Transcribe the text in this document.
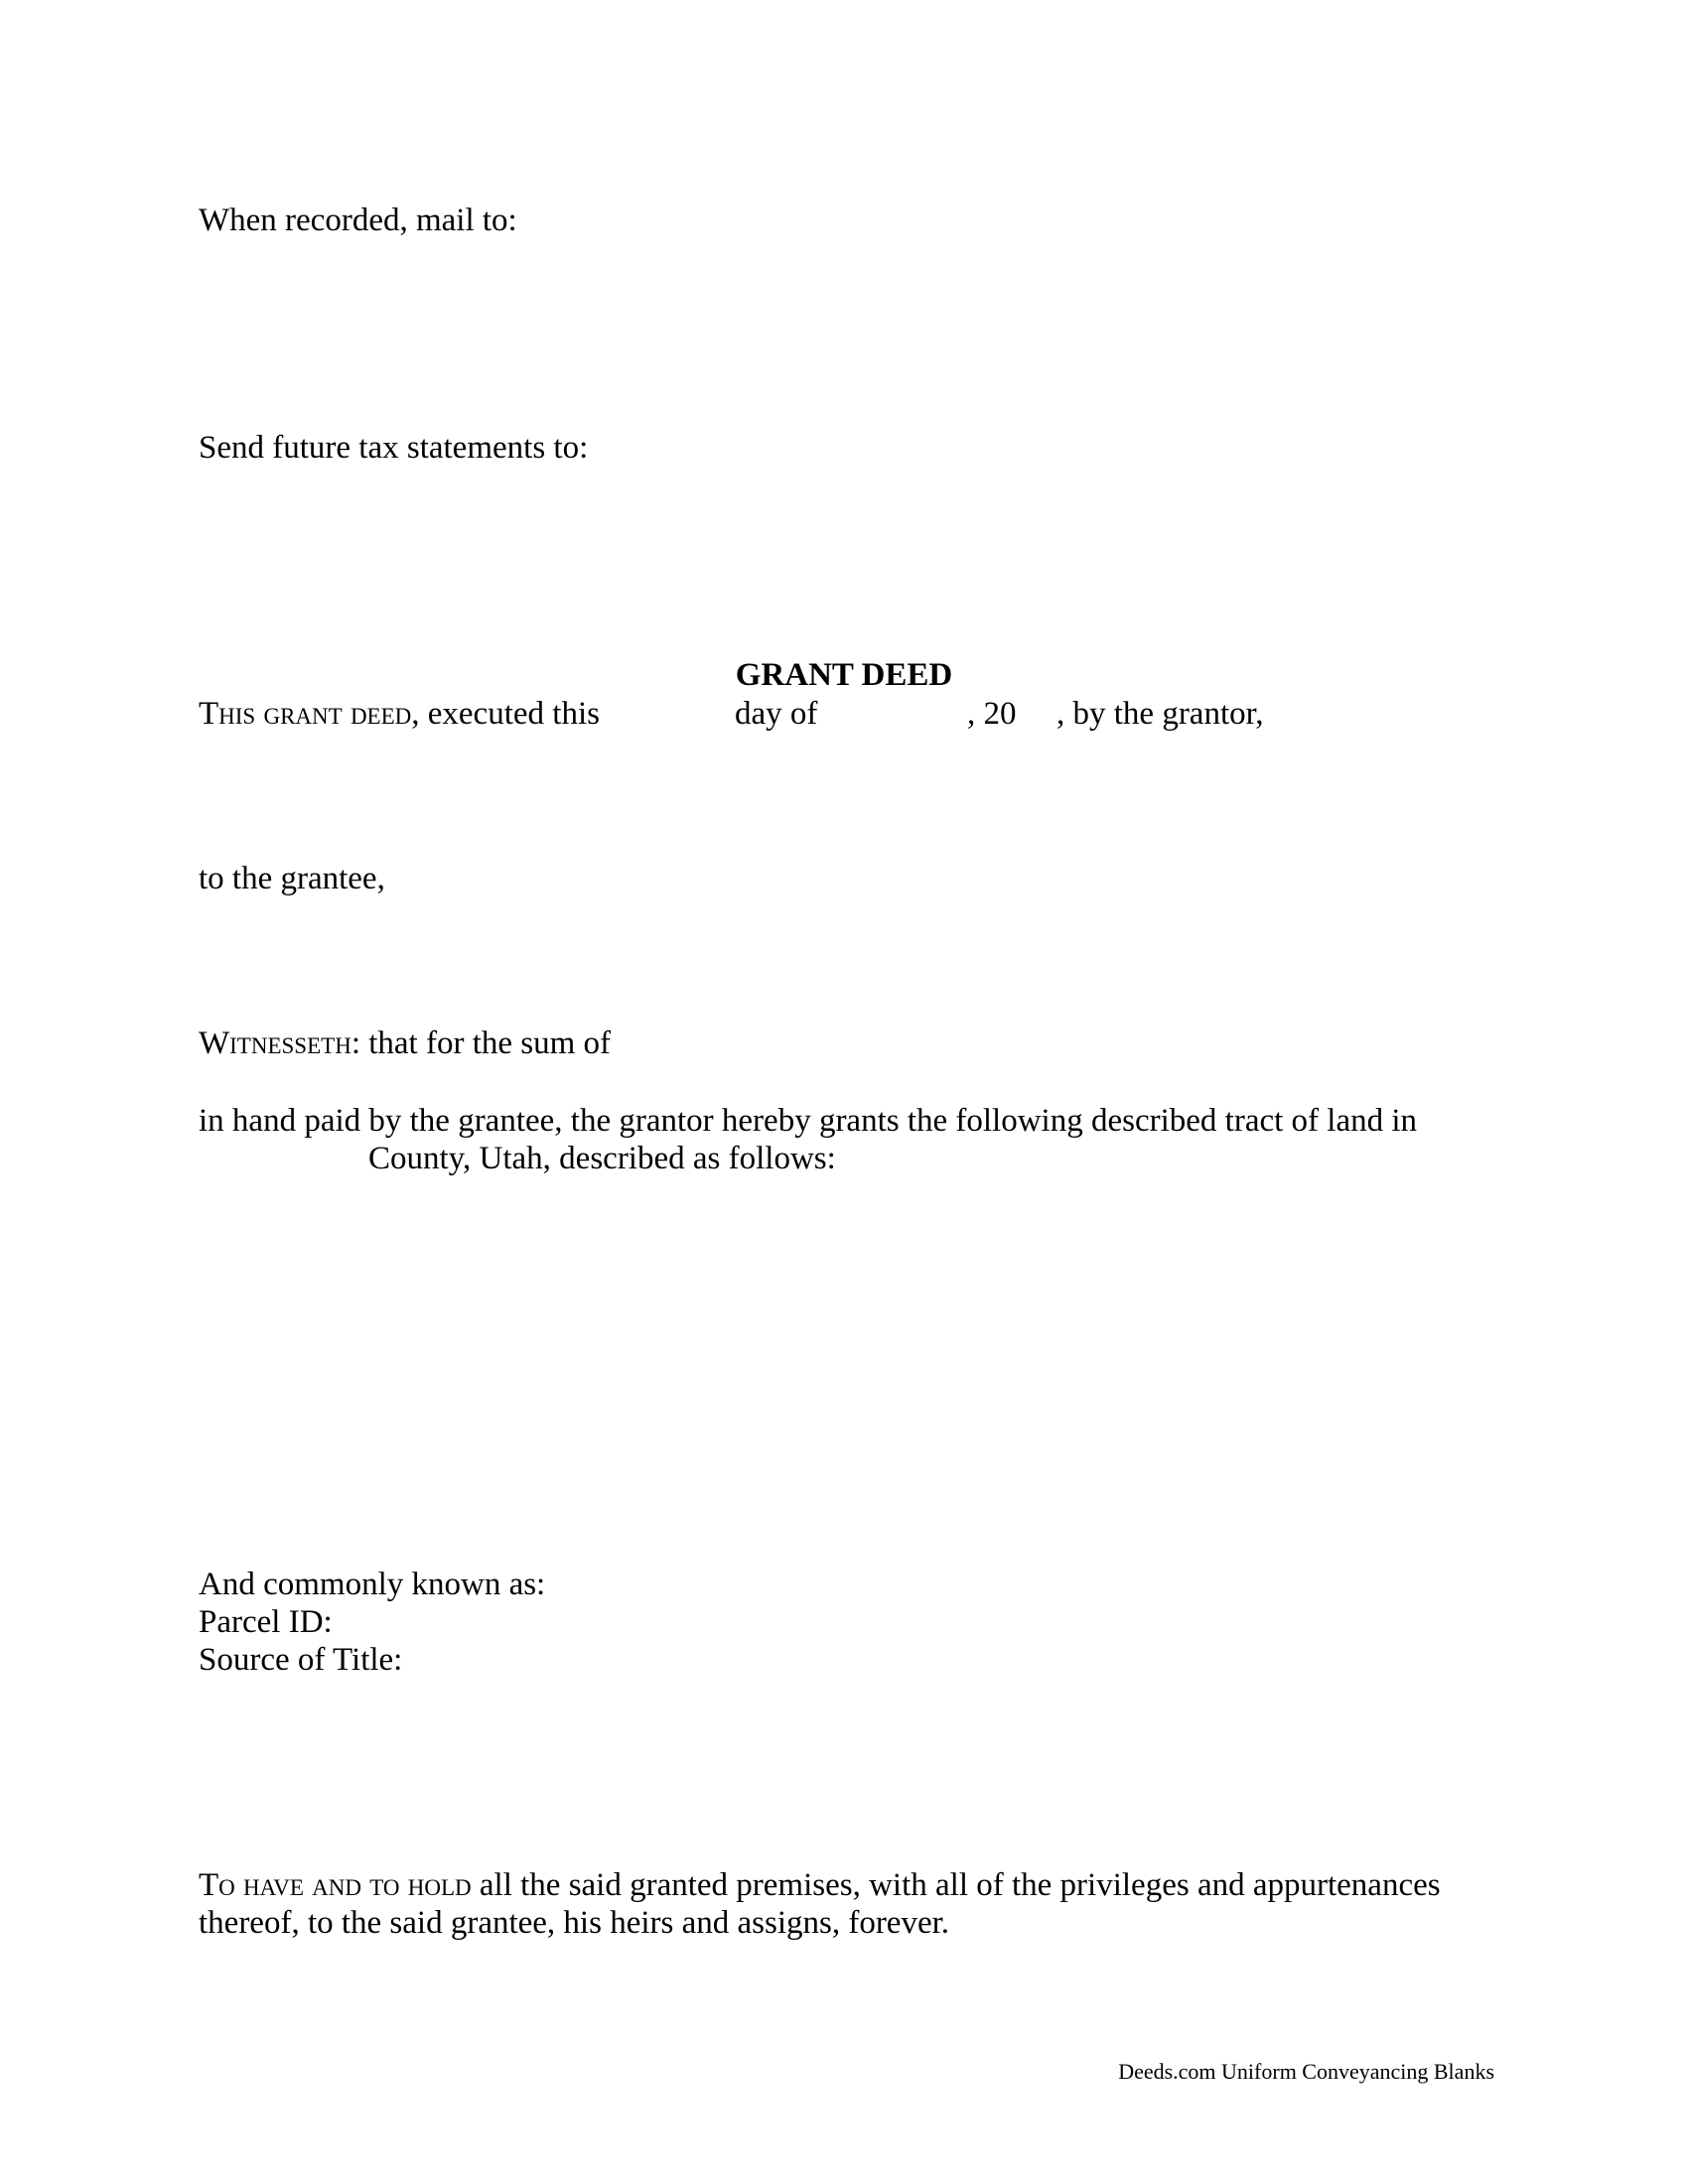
When recorded, mail to:
Send future tax statements to:
GRANT DEED
This grant deed, executed this	day of	, 20 , by the grantor,
to the grantee,
Witnesseth: that for the sum of
in hand paid by the grantee, the grantor hereby grants the following described tract of land in
County, Utah, described as follows:
And commonly known as:
Parcel ID:
Source of Title:
To have and to hold all the said granted premises, with all of the privileges and appurtenances
thereof, to the said grantee, his heirs and assigns, forever.
Deeds.com Uniform Conveyancing Blanks
